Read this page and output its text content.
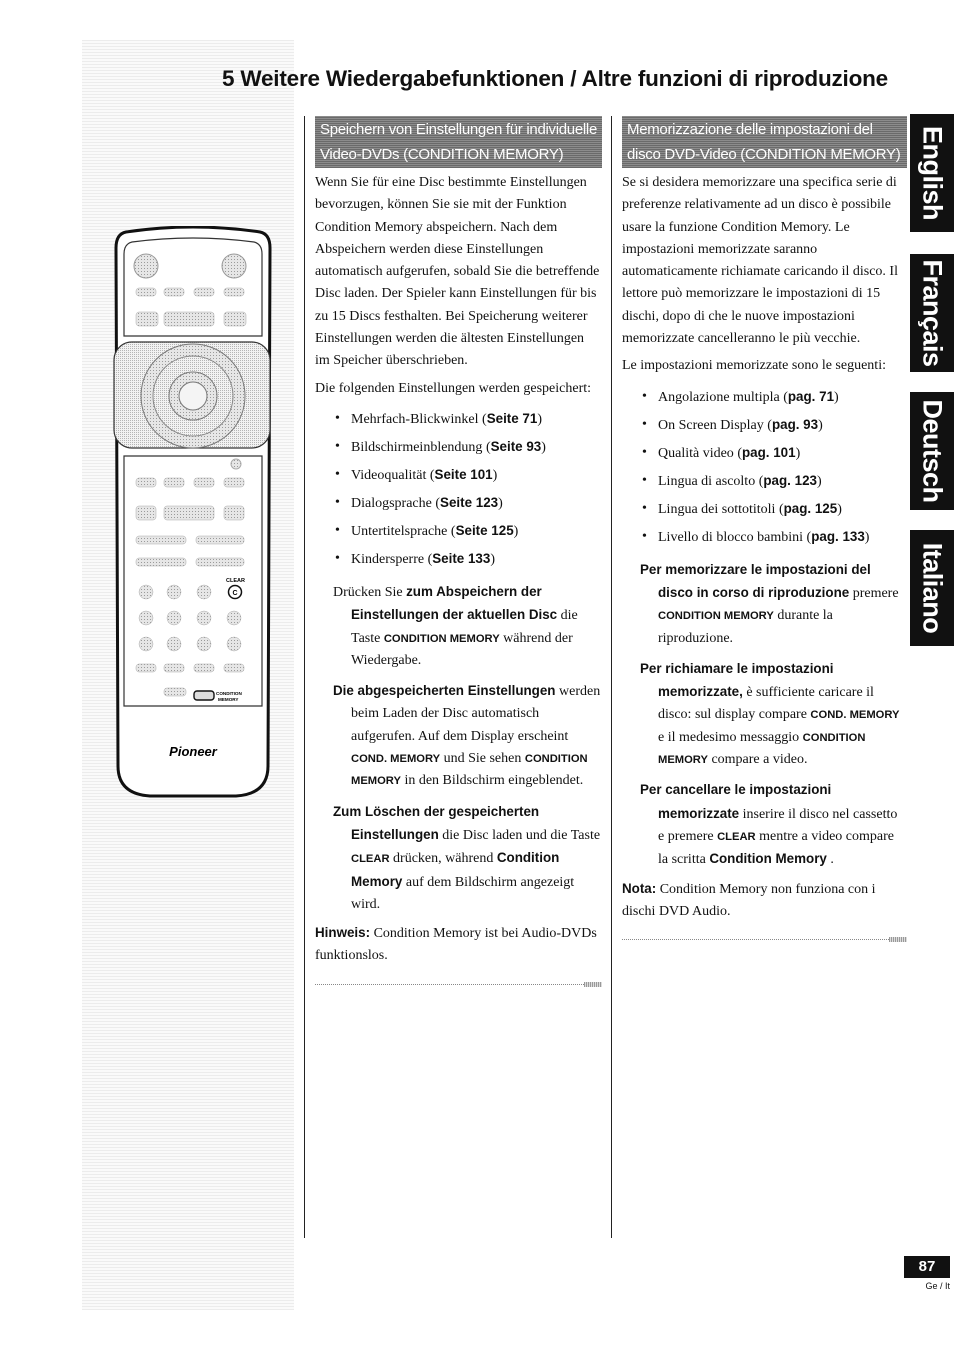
5 Weitere Wiedergabefunktionen / Altre funzioni di riproduzione
CLEAR
C
CONDITION
MEMORY
Pioneer
Speichern von Einstellungen für individuelle
Video-DVDs (CONDITION MEMORY)

Wenn Sie für eine Disc bestimmte Einstellungen bevorzugen, können Sie sie mit der Funktion Condition Memory abspeichern. Nach dem Abspeichern werden diese Einstellungen automatisch aufgerufen, sobald Sie die betreffende Disc laden. Der Spieler kann Einstellungen für bis zu 15 Discs festhalten. Bei Speicherung weiterer Einstellungen werden die ältesten Einstellungen im Speicher überschrieben.

Die folgenden Einstellungen werden gespeichert:

• Mehrfach-Blickwinkel (Seite 71)
• Bildschirmeinblendung (Seite 93)
• Videoqualität (Seite 101)
• Dialogsprache (Seite 123)
• Untertitelsprache (Seite 125)
• Kindersperre (Seite 133)

Drücken Sie zum Abspeichern der Einstellungen der aktuellen Disc die Taste CONDITION MEMORY während der Wiedergabe.

Die abgespeicherten Einstellungen werden beim Laden der Disc automatisch aufgerufen. Auf dem Display erscheint COND. MEMORY und Sie sehen CONDITION MEMORY in den Bildschirm eingeblendet.

Zum Löschen der gespeicherten Einstellungen die Disc laden und die Taste CLEAR drücken, während Condition Memory auf dem Bildschirm angezeigt wird.

Hinweis: Condition Memory ist bei Audio-DVDs funktionslos.

Memorizzazione delle impostazioni del
disco DVD-Video (CONDITION MEMORY)

Se si desidera memorizzare una specifica serie di preferenze relativamente ad un disco è possibile usare la funzione Condition Memory. Le impostazioni memorizzate saranno automaticamente richiamate caricando il disco. Il lettore può memorizzare le impostazioni di 15 dischi, dopo di che le nuove impostazioni memorizzate cancelleranno le più vecchie.

Le impostazioni memorizzate sono le seguenti:

• Angolazione multipla (pag. 71)
• On Screen Display (pag. 93)
• Qualità video (pag. 101)
• Lingua di ascolto (pag. 123)
• Lingua dei sottotitoli (pag. 125)
• Livello di blocco bambini (pag. 133)

Per memorizzare le impostazioni del disco in corso di riproduzione premere CONDITION MEMORY durante la riproduzione.

Per richiamare le impostazioni memorizzate, è sufficiente caricare il disco: sul display compare COND. MEMORY e il medesimo messaggio CONDITION MEMORY compare a video.

Per cancellare le impostazioni memorizzate inserire il disco nel cassetto e premere CLEAR mentre a video compare la scritta Condition Memory .

Nota: Condition Memory non funziona con i dischi DVD Audio.

English
Français
Deutsch
Italiano
87
Ge / It
